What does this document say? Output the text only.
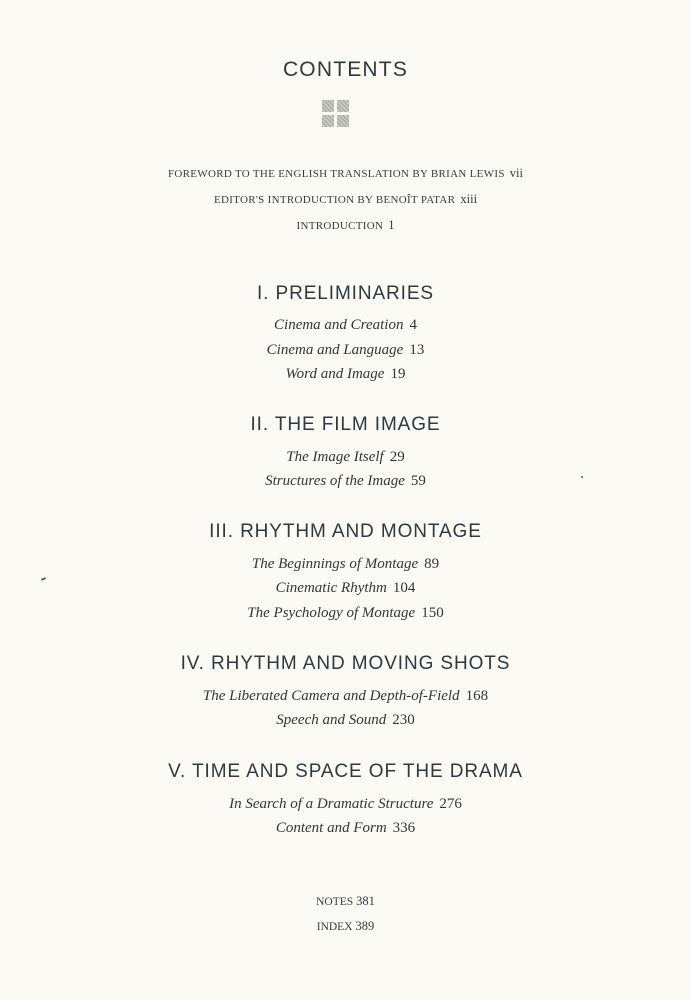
CONTENTS
FOREWORD TO THE ENGLISH TRANSLATION BY BRIAN LEWIS vii
EDITOR'S INTRODUCTION BY BENOÎT PATAR xiii
INTRODUCTION 1
I. PRELIMINARIES
Cinema and Creation 4
Cinema and Language 13
Word and Image 19
II. THE FILM IMAGE
The Image Itself 29
Structures of the Image 59
III. RHYTHM AND MONTAGE
The Beginnings of Montage 89
Cinematic Rhythm 104
The Psychology of Montage 150
IV. RHYTHM AND MOVING SHOTS
The Liberated Camera and Depth-of-Field 168
Speech and Sound 230
V. TIME AND SPACE OF THE DRAMA
In Search of a Dramatic Structure 276
Content and Form 336
NOTES 381
INDEX 389
